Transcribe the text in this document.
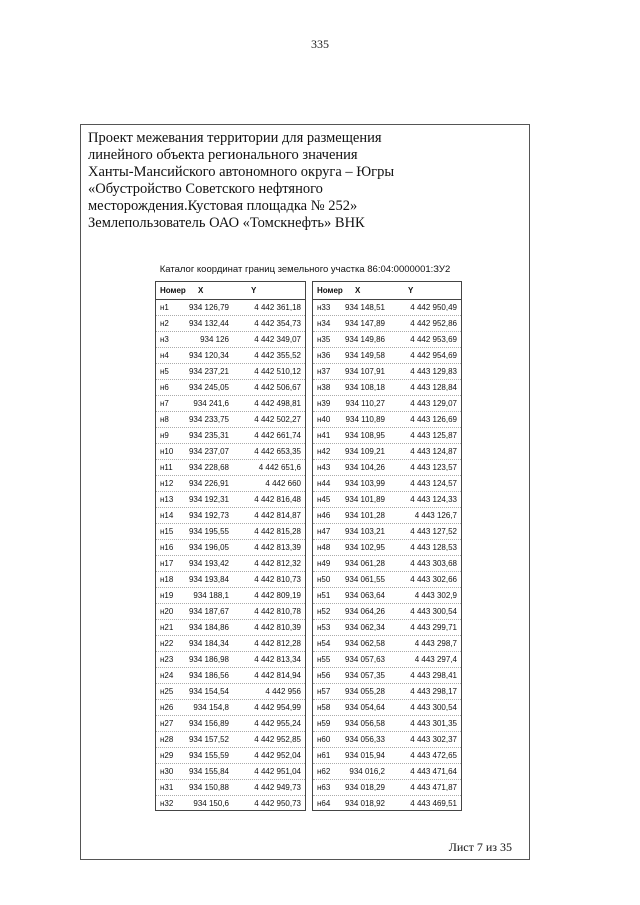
335
Проект межевания территории для размещения
линейного объекта регионального значения
Ханты-Мансийского автономного округа – Югры
«Обустройство Советского нефтяного
месторождения.Кустовая площадка № 252»
Землепользователь ОАО «Томскнефть» ВНК
Каталог координат границ земельного участка 86:04:0000001:ЗУ2
Номер X	Y
н1	934 126,79	4 442 361,18
н2	934 132,44	4 442 354,73
н3	934 126	4 442 349,07
н4	934 120,34	4 442 355,52
н5	934 237,21	4 442 510,12
н6	934 245,05	4 442 506,67
н7	934 241,6	4 442 498,81
н8	934 233,75	4 442 502,27
н9	934 235,31	4 442 661,74
н10 934 237,07	4 442 653,35
н11 934 228,68	4 442 651,6
н12 934 226,91	4 442 660
н13 934 192,31	4 442 816,48
н14 934 192,73	4 442 814,87
н15 934 195,55	4 442 815,28
н16 934 196,05	4 442 813,39
н17 934 193,42	4 442 812,32
н18 934 193,84	4 442 810,73
н19	934 188,1	4 442 809,19
н20 934 187,67	4 442 810,78
н21 934 184,86	4 442 810,39
н22 934 184,34	4 442 812,28
н23 934 186,98	4 442 813,34
н24 934 186,56	4 442 814,94
н25 934 154,54	4 442 956
н26	934 154,8	4 442 954,99
н27 934 156,89	4 442 955,24
н28 934 157,52	4 442 952,85
н29 934 155,59	4 442 952,04
н30 934 155,84	4 442 951,04
н31 934 150,88	4 442 949,73
н32	934 150,6	4 442 950,73
Номер X	Y
н33 934 148,51	4 442 950,49
н34 934 147,89	4 442 952,86
н35 934 149,86	4 442 953,69
н36 934 149,58	4 442 954,69
н37 934 107,91	4 443 129,83
н38 934 108,18	4 443 128,84
н39 934 110,27	4 443 129,07
н40 934 110,89	4 443 126,69
н41 934 108,95	4 443 125,87
н42 934 109,21	4 443 124,87
н43 934 104,26	4 443 123,57
н44 934 103,99	4 443 124,57
н45 934 101,89	4 443 124,33
н46 934 101,28	4 443 126,7
н47 934 103,21	4 443 127,52
н48 934 102,95	4 443 128,53
н49 934 061,28	4 443 303,68
н50 934 061,55	4 443 302,66
н51 934 063,64	4 443 302,9
н52 934 064,26	4 443 300,54
н53 934 062,34	4 443 299,71
н54 934 062,58	4 443 298,7
н55 934 057,63	4 443 297,4
н56 934 057,35	4 443 298,41
н57 934 055,28	4 443 298,17
н58 934 054,64	4 443 300,54
н59 934 056,58	4 443 301,35
н60 934 056,33	4 443 302,37
н61 934 015,94	4 443 472,65
н62 934 016,2	4 443 471,64
н63 934 018,29	4 443 471,87
н64 934 018,92	4 443 469,51
Лист 7 из 35
